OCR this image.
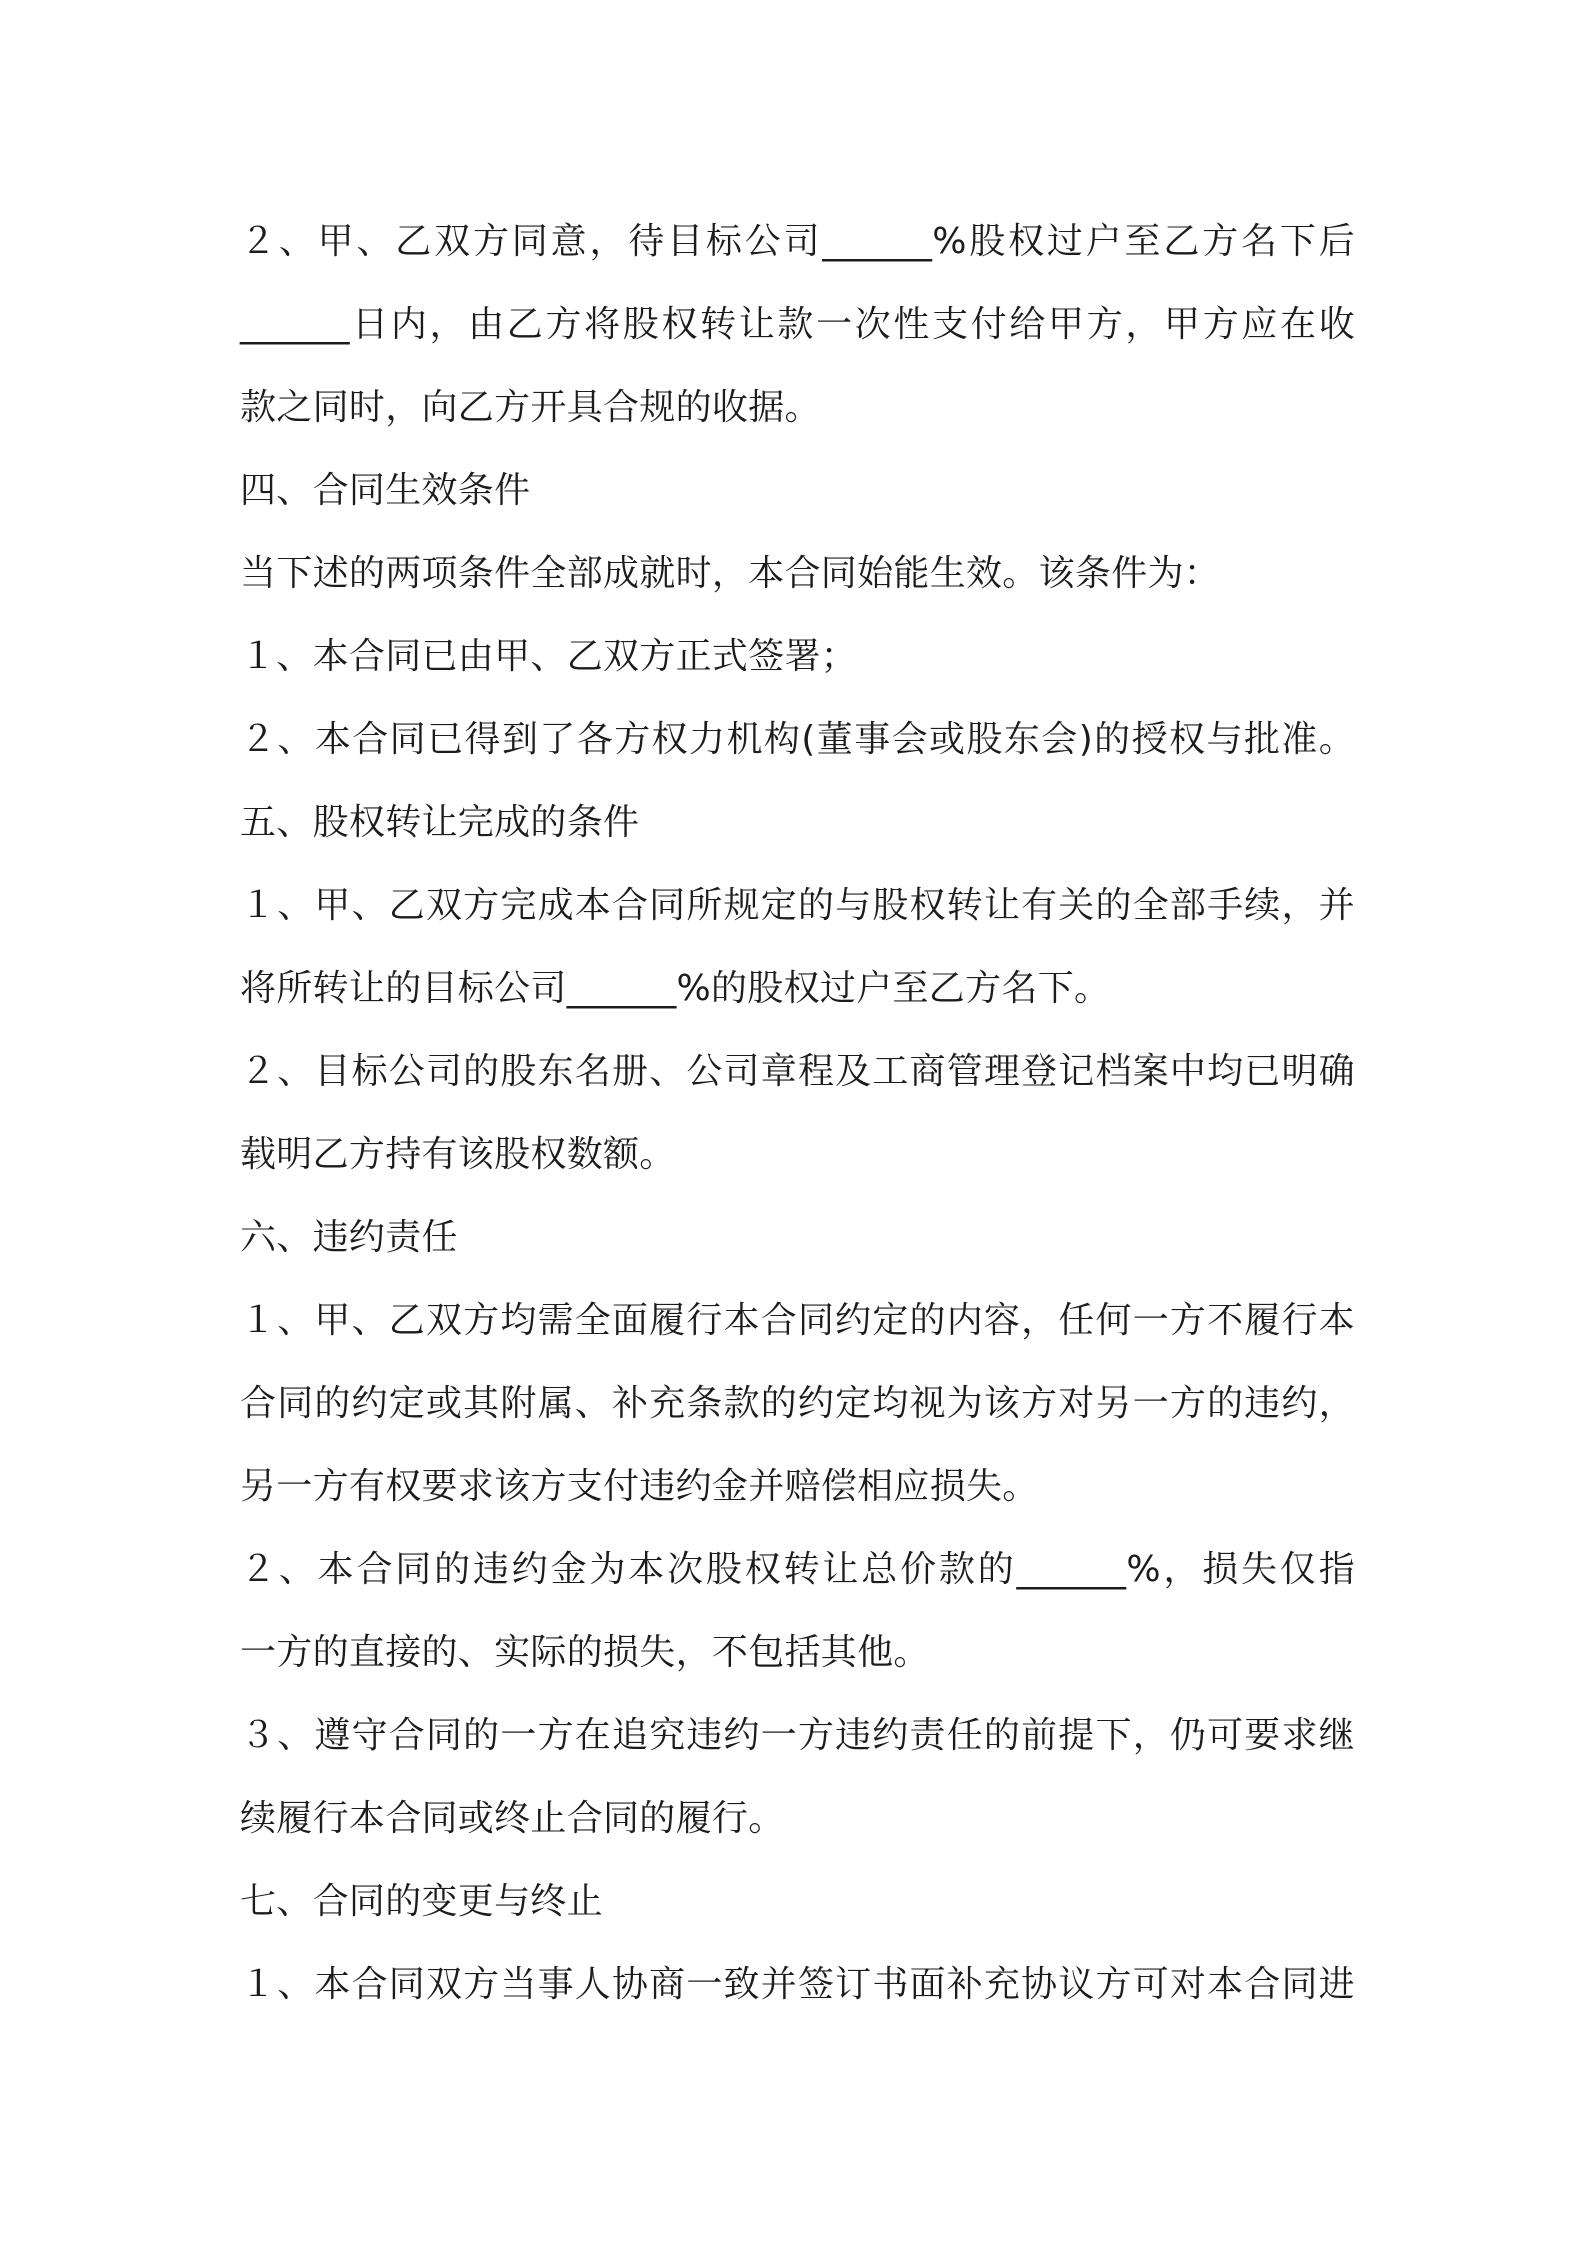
２、甲、乙双方同意，待目标公司______%股权过户至乙方名下后
______日内，由乙方将股权转让款一次性支付给甲方，甲方应在收
款之同时，向乙方开具合规的收据。
四、合同生效条件
当下述的两项条件全部成就时，本合同始能生效。该条件为：
１、本合同已由甲、乙双方正式签署；
２、本合同已得到了各方权力机构(董事会或股东会)的授权与批准。
五、股权转让完成的条件
１、甲、乙双方完成本合同所规定的与股权转让有关的全部手续，并
将所转让的目标公司______%的股权过户至乙方名下。
２、目标公司的股东名册、公司章程及工商管理登记档案中均已明确
载明乙方持有该股权数额。
六、违约责任
１、甲、乙双方均需全面履行本合同约定的内容，任何一方不履行本
合同的约定或其附属、补充条款的约定均视为该方对另一方的违约，
另一方有权要求该方支付违约金并赔偿相应损失。
２、本合同的违约金为本次股权转让总价款的______%，损失仅指
一方的直接的、实际的损失，不包括其他。
３、遵守合同的一方在追究违约一方违约责任的前提下，仍可要求继
续履行本合同或终止合同的履行。
七、合同的变更与终止
１、本合同双方当事人协商一致并签订书面补充协议方可对本合同进
